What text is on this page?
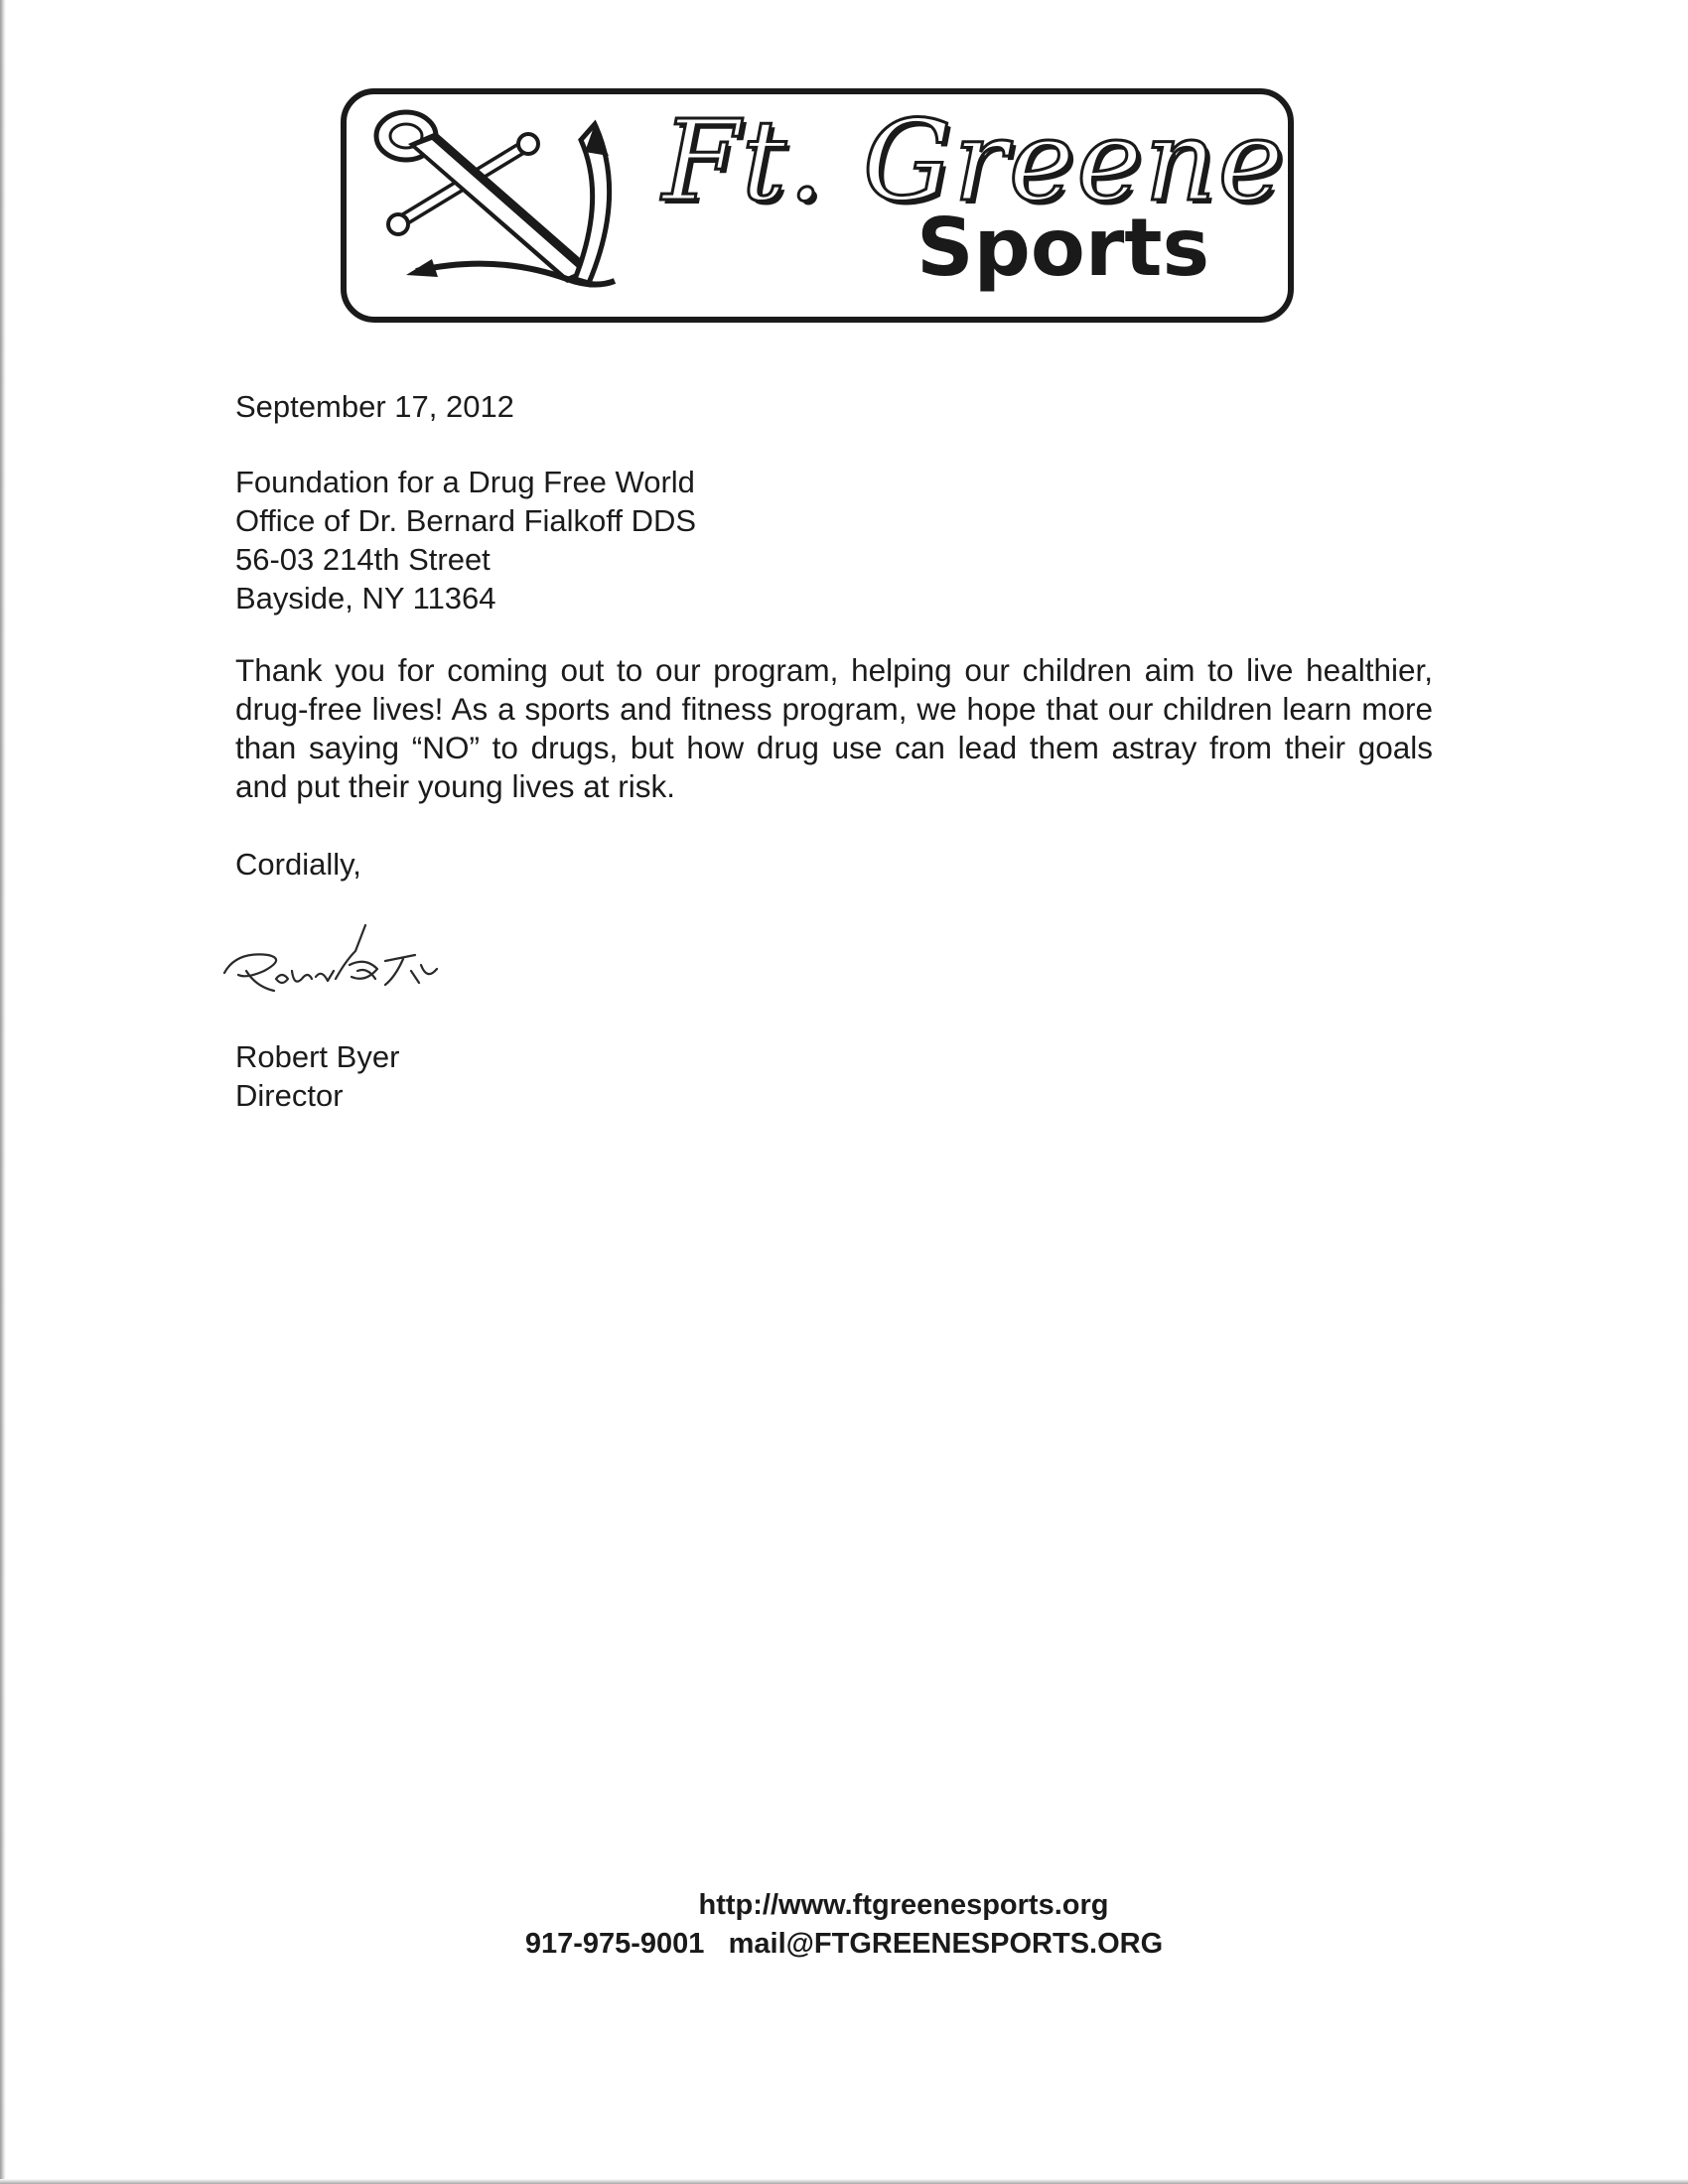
Ft. Greene
Sports
September 17, 2012
Foundation for a Drug Free World
Office of Dr. Bernard Fialkoff DDS
56-03 214th Street
Bayside, NY 11364
Thank you for coming out to our program, helping our children aim to live healthier, drug-free lives! As a sports and fitness program, we hope that our children learn more than saying “NO” to drugs, but how drug use can lead them astray from their goals and put their young lives at risk.
Cordially,
Robert Byer
Director
http://www.ftgreenesports.org
917-975-9001 mail@FTGREENESPORTS.ORG
